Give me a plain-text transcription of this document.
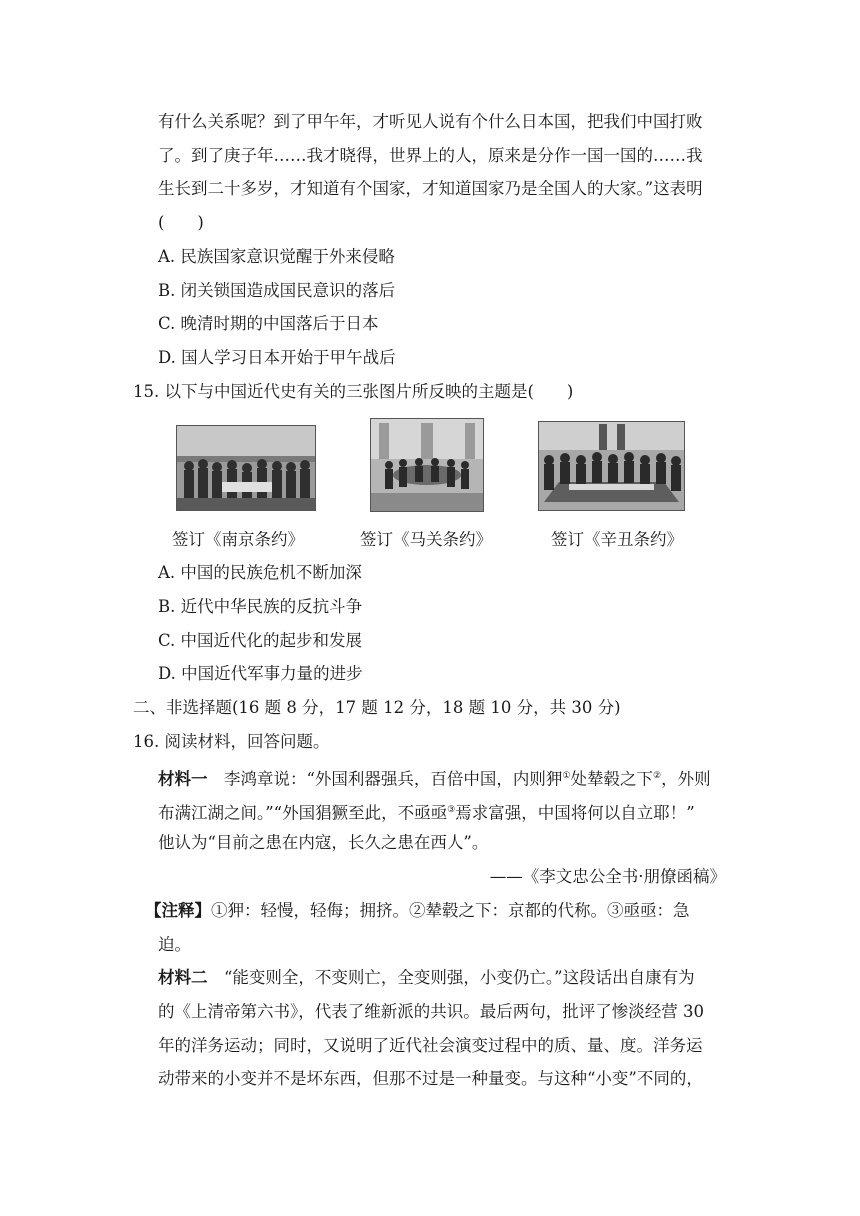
有什么关系呢？到了甲午年，才听见人说有个什么日本国，把我们中国打败
了。到了庚子年……我才晓得，世界上的人，原来是分作一国一国的……我
生长到二十多岁，才知道有个国家，才知道国家乃是全国人的大家。”这表明
(　　)
A. 民族国家意识觉醒于外来侵略
B. 闭关锁国造成国民意识的落后
C. 晚清时期的中国落后于日本
D. 国人学习日本开始于甲午战后
15. 以下与中国近代史有关的三张图片所反映的主题是(　　)
签订《南京条约》	签订《马关条约》	签订《辛丑条约》
A. 中国的民族危机不断加深
B. 近代中华民族的反抗斗争
C. 中国近代化的起步和发展
D. 中国近代军事力量的进步
二、非选择题(16 题 8 分，17 题 12 分，18 题 10 分，共 30 分)
16. 阅读材料，回答问题。
材料一　李鸿章说：“外国利器强兵，百倍中国，内则狎①处辇毂之下②，外则
布满江湖之间。”“外国猖獗至此，不亟亟③焉求富强，中国将何以自立耶！”
他认为“目前之患在内寇，长久之患在西人”。
——《李文忠公全书·朋僚函稿》
【注释】①狎：轻慢，轻侮；拥挤。②辇毂之下：京都的代称。③亟亟：急
迫。
材料二　“能变则全，不变则亡，全变则强，小变仍亡。”这段话出自康有为
的《上清帝第六书》，代表了维新派的共识。最后两句，批评了惨淡经营 30
年的洋务运动；同时，又说明了近代社会演变过程中的质、量、度。洋务运
动带来的小变并不是坏东西，但那不过是一种量变。与这种“小变”不同的，
